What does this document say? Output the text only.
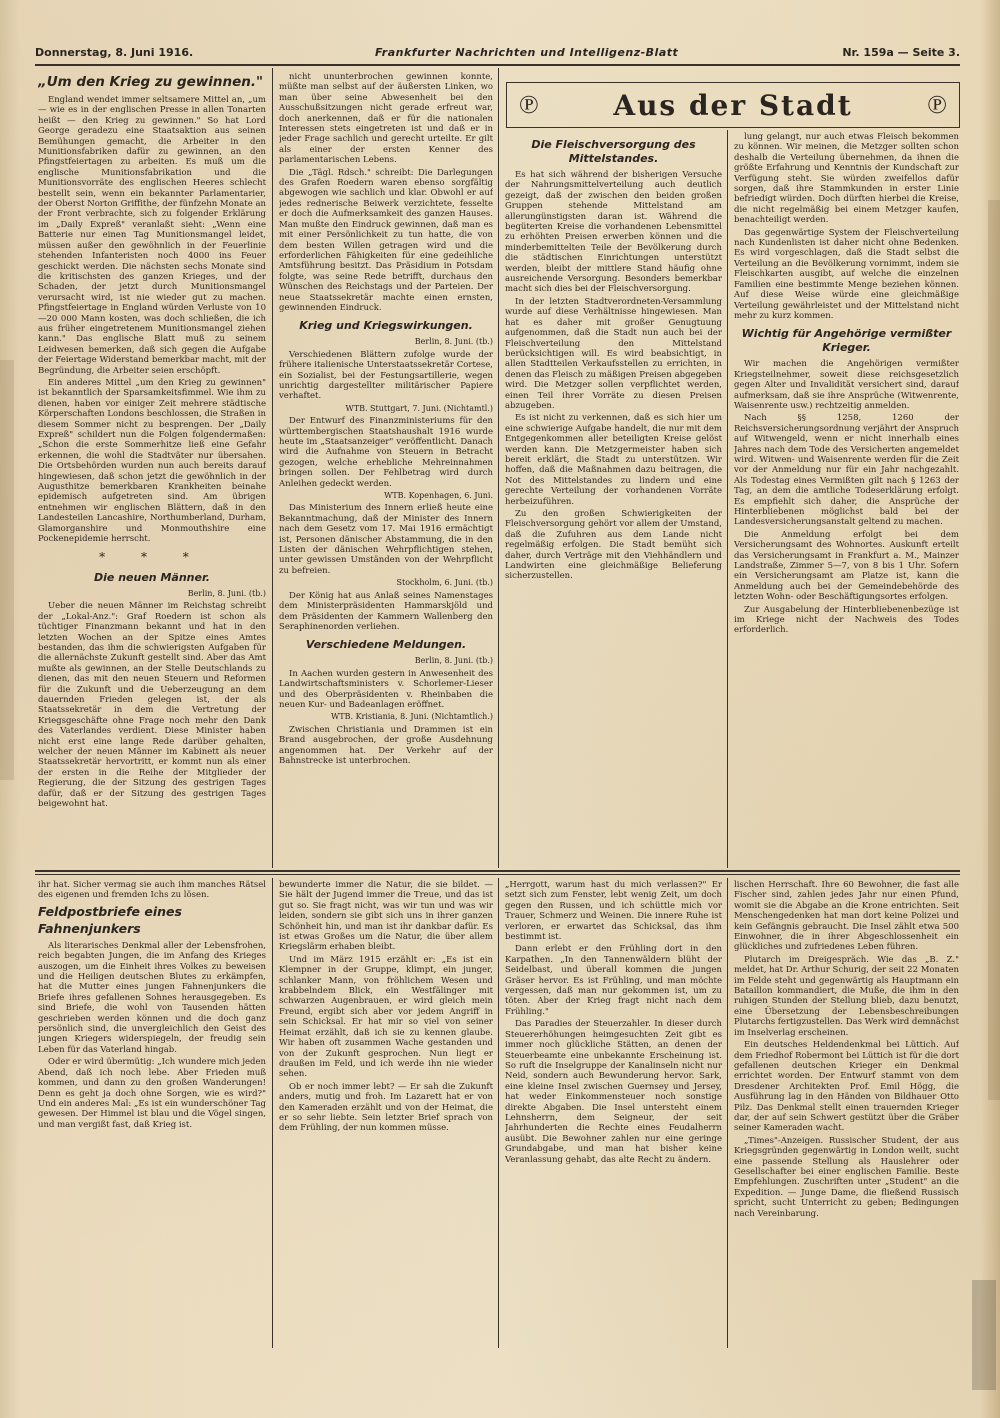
Donnerstag, 8. Juni 1916.	Frankfurter Nachrichten und Intelligenz-Blatt	Nr. 159a — Seite 3.
„Um den Krieg zu gewinnen."

England wendet immer seltsamere Mittel an, „um — wie es in der englischen Presse in allen Tonarten heißt — den Krieg zu gewinnen." So hat Lord George geradezu eine Staatsaktion aus seinen Bemühungen gemacht, die Arbeiter in den Munitionsfabriken dafür zu gewinnen, an den Pfingstfeiertagen zu arbeiten. Es muß um die englische Munitionsfabrikation und die Munitionsvorräte des englischen Heeres schlecht bestellt sein, wenn ein bekannter Parlamentarier, der Oberst Norton Griffithe, der fünfzehn Monate an der Front verbrachte, sich zu folgender Erklärung im „Daily Expreß" veranlaßt sieht: „Wenn eine Batterie nur einen Tag Munitionsmangel leidet, müssen außer den gewöhnlich in der Feuerlinie stehenden Infanteristen noch 4000 ins Feuer geschickt werden. Die nächsten sechs Monate sind die kritischsten des ganzen Krieges, und der Schaden, der jetzt durch Munitionsmangel verursacht wird, ist nie wieder gut zu machen. Pfingstfeiertage in England würden Verluste von 10—20 000 Mann kosten, was doch schließen, die ich aus früher eingetretenem Munitionsmangel ziehen kann." Das englische Blatt muß zu seinem Leidwesen bemerken, daß sich gegen die Aufgabe der Feiertage Widerstand bemerkbar macht, mit der Begründung, die Arbeiter seien erschöpft.

Ein anderes Mittel „um den Krieg zu gewinnen" ist bekanntlich der Sparsamkeitsfimmel. Wie ihm zu dienen, haben vor einiger Zeit mehrere städtische Körperschaften Londons beschlossen, die Straßen in diesem Sommer nicht zu besprengen. Der „Daily Expreß" schildert nun die Folgen folgendermaßen: „Schon die erste Sommerhitze ließ eine Gefahr erkennen, die wohl die Stadtväter nur übersahen. Die Ortsbehörden wurden nun auch bereits darauf hingewiesen, daß schon jetzt die gewöhnlich in der Augusthitze bemerkbaren Krankheiten beinahe epidemisch aufgetreten sind. Am übrigen entnehmen wir englischen Blättern, daß in den Landesteilen Lancashire, Northumberland, Durham, Glamorganshire und Monmouthshire eine Pockenepidemie herrscht.

* * *
Die neuen Männer.
Berlin, 8. Juni. (tb.)

Ueber die neuen Männer im Reichstag schreibt der „Lokal-Anz.": Graf Roedern ist schon als tüchtiger Finanzmann bekannt und hat in den letzten Wochen an der Spitze eines Amtes bestanden, das ihm die schwierigsten Aufgaben für die allernächste Zukunft gestellt sind. Aber das Amt mußte als gewinnen, an der Stelle Deutschlands zu dienen, das mit den neuen Steuern und Reformen für die Zukunft und die Ueberzeugung an dem dauernden Frieden gelegen ist, der als Staatssekretär in dem die Vertretung der Kriegsgeschäfte ohne Frage noch mehr den Dank des Vaterlandes verdient. Diese Minister haben nicht erst eine lange Rede darüber gehalten, welcher der neuen Männer im Kabinett als neuer Staatssekretär hervortritt, er kommt nun als einer der ersten in die Reihe der Mitglieder der Regierung, die der Sitzung des gestrigen Tages dafür, daß er der Sitzung des gestrigen Tages beigewohnt hat.

nicht ununterbrochen gewinnen konnte, müßte man selbst auf der äußersten Linken, wo man über seine Abwesenheit bei den Ausschußsitzungen nicht gerade erfreut war, doch anerkennen, daß er für die nationalen Interessen stets eingetreten ist und daß er in jeder Frage sachlich und gerecht urteilte. Er gilt als einer der ersten Kenner des parlamentarischen Lebens.

Die „Tägl. Rdsch." schreibt: Die Darlegungen des Grafen Roedern waren ebenso sorgfältig abgewogen wie sachlich und klar. Obwohl er auf jedes rednerische Beiwerk verzichtete, fesselte er doch die Aufmerksamkeit des ganzen Hauses. Man mußte den Eindruck gewinnen, daß man es mit einer Persönlichkeit zu tun hatte, die von dem besten Willen getragen wird und die erforderlichen Fähigkeiten für eine gedeihliche Amtsführung besitzt. Das Präsidium in Potsdam folgte, was seine Rede betrifft, durchaus den Wünschen des Reichstags und der Parteien. Der neue Staatssekretär machte einen ernsten, gewinnenden Eindruck.

Krieg und Kriegswirkungen.
Berlin, 8. Juni. (tb.)

Verschiedenen Blättern zufolge wurde der frühere italienische Unterstaatssekretär Cortese, ein Sozialist, bei der Festungsartillerie, wegen unrichtig dargestellter militärischer Papiere verhaftet.

WTB. Stuttgart, 7. Juni. (Nichtamtl.)

Der Entwurf des Finanzministeriums für den württembergischen Staatshaushalt 1916 wurde heute im „Staatsanzeiger" veröffentlicht. Danach wird die Aufnahme von Steuern in Betracht gezogen, welche erhebliche Mehreinnahmen bringen sollen. Der Fehlbetrag wird durch Anleihen gedeckt werden.

WTB. Kopenhagen, 6. Juni.

Das Ministerium des Innern erließ heute eine Bekanntmachung, daß der Minister des Innern nach dem Gesetz vom 17. Mai 1916 ermächtigt ist, Personen dänischer Abstammung, die in den Listen der dänischen Wehrpflichtigen stehen, unter gewissen Umständen von der Wehrpflicht zu befreien.

Stockholm, 6. Juni. (tb.)

Der König hat aus Anlaß seines Namenstages dem Ministerpräsidenten Hammarskjöld und dem Präsidenten der Kammern Wallenberg den Seraphinenorden verliehen.

Verschiedene Meldungen.
Berlin, 8. Juni. (tb.)

In Aachen wurden gestern in Anwesenheit des Landwirtschaftsministers v. Schorlemer-Lieser und des Oberpräsidenten v. Rheinbaben die neuen Kur- und Badeanlagen eröffnet.

WTB. Kristiania, 8. Juni. (Nichtamtlich.)

Zwischen Christiania und Drammen ist ein Brand ausgebrochen, der große Ausdehnung angenommen hat. Der Verkehr auf der Bahnstrecke ist unterbrochen.

℗	Aus der Stadt	℗
Die Fleischversorgung des Mittelstandes.

Es hat sich während der bisherigen Versuche der Nahrungsmittelverteilung auch deutlich gezeigt, daß der zwischen den beiden großen Gruppen stehende Mittelstand am allerungünstigsten daran ist. Während die begüterten Kreise die vorhandenen Lebensmittel zu erhöhten Preisen erwerben können und die minderbemittelten Teile der Bevölkerung durch die städtischen Einrichtungen unterstützt werden, bleibt der mittlere Stand häufig ohne ausreichende Versorgung. Besonders bemerkbar macht sich dies bei der Fleischversorgung.

In der letzten Stadtverordneten-Versammlung wurde auf diese Verhältnisse hingewiesen. Man hat es daher mit großer Genugtuung aufgenommen, daß die Stadt nun auch bei der Fleischverteilung den Mittelstand berücksichtigen will. Es wird beabsichtigt, in allen Stadtteilen Verkaufsstellen zu errichten, in denen das Fleisch zu mäßigen Preisen abgegeben wird. Die Metzger sollen verpflichtet werden, einen Teil ihrer Vorräte zu diesen Preisen abzugeben.

Es ist nicht zu verkennen, daß es sich hier um eine schwierige Aufgabe handelt, die nur mit dem Entgegenkommen aller beteiligten Kreise gelöst werden kann. Die Metzgermeister haben sich bereit erklärt, die Stadt zu unterstützen. Wir hoffen, daß die Maßnahmen dazu beitragen, die Not des Mittelstandes zu lindern und eine gerechte Verteilung der vorhandenen Vorräte herbeizuführen.

Zu den großen Schwierigkeiten der Fleischversorgung gehört vor allem der Umstand, daß die Zufuhren aus dem Lande nicht regelmäßig erfolgen. Die Stadt bemüht sich daher, durch Verträge mit den Viehhändlern und Landwirten eine gleichmäßige Belieferung sicherzustellen.

lung gelangt, nur auch etwas Fleisch bekommen zu können. Wir meinen, die Metzger sollten schon deshalb die Verteilung übernehmen, da ihnen die größte Erfahrung und Kenntnis der Kundschaft zur Verfügung steht. Sie würden zweifellos dafür sorgen, daß ihre Stammkunden in erster Linie befriedigt würden. Doch dürften hierbei die Kreise, die nicht regelmäßig bei einem Metzger kaufen, benachteiligt werden.

Das gegenwärtige System der Fleischverteilung nach Kundenlisten ist daher nicht ohne Bedenken. Es wird vorgeschlagen, daß die Stadt selbst die Verteilung an die Bevölkerung vornimmt, indem sie Fleischkarten ausgibt, auf welche die einzelnen Familien eine bestimmte Menge beziehen können. Auf diese Weise würde eine gleichmäßige Verteilung gewährleistet und der Mittelstand nicht mehr zu kurz kommen.

Wichtig für Angehörige vermißter Krieger.

Wir machen die Angehörigen vermißter Kriegsteilnehmer, soweit diese reichsgesetzlich gegen Alter und Invalidität versichert sind, darauf aufmerksam, daß sie ihre Ansprüche (Witwenrente, Waisenrente usw.) rechtzeitig anmelden.

Nach §§ 1258, 1260 der Reichsversicherungsordnung verjährt der Anspruch auf Witwengeld, wenn er nicht innerhalb eines Jahres nach dem Tode des Versicherten angemeldet wird. Witwen- und Waisenrente werden für die Zeit vor der Anmeldung nur für ein Jahr nachgezahlt. Als Todestag eines Vermißten gilt nach § 1263 der Tag, an dem die amtliche Todeserklärung erfolgt. Es empfiehlt sich daher, die Ansprüche der Hinterbliebenen möglichst bald bei der Landesversicherungsanstalt geltend zu machen.

Die Anmeldung erfolgt bei dem Versicherungsamt des Wohnortes. Auskunft erteilt das Versicherungsamt in Frankfurt a. M., Mainzer Landstraße, Zimmer 5—7, von 8 bis 1 Uhr. Sofern ein Versicherungsamt am Platze ist, kann die Anmeldung auch bei der Gemeindebehörde des letzten Wohn- oder Beschäftigungsortes erfolgen.

Zur Ausgabelung der Hinterbliebenenbezüge ist im Kriege nicht der Nachweis des Todes erforderlich.

ihr hat. Sicher vermag sie auch ihm manches Rätsel des eigenen und fremden Ichs zu lösen.

Feldpostbriefe eines Fahnenjunkers

Als literarisches Denkmal aller der Lebensfrohen, reich begabten Jungen, die im Anfang des Krieges auszogen, um die Einheit ihres Volkes zu beweisen und die Heiligen deutschen Blutes zu erkämpfen, hat die Mutter eines jungen Fahnenjunkers die Briefe ihres gefallenen Sohnes herausgegeben. Es sind Briefe, die wohl von Tausenden hätten geschrieben werden können und die doch ganz persönlich sind, die unvergleichlich den Geist des jungen Kriegers widerspiegeln, der freudig sein Leben für das Vaterland hingab.

Oder er wird übermütig: „Ich wundere mich jeden Abend, daß ich noch lebe. Aber Frieden muß kommen, und dann zu den großen Wanderungen! Denn es geht ja doch ohne Sorgen, wie es wird?" Und ein anderes Mal: „Es ist ein wunderschöner Tag gewesen. Der Himmel ist blau und die Vögel singen, und man vergißt fast, daß Krieg ist.

bewunderte immer die Natur, die sie bildet. — Sie hält der Jugend immer die Treue, und das ist gut so. Sie fragt nicht, was wir tun und was wir leiden, sondern sie gibt sich uns in ihrer ganzen Schönheit hin, und man ist ihr dankbar dafür. Es ist etwas Großes um die Natur, die über allem Kriegslärm erhaben bleibt.

Und im März 1915 erzählt er: „Es ist ein Klempner in der Gruppe, klimpt, ein junger, schlanker Mann, von fröhlichem Wesen und krabbelndem Blick, ein Westfälinger mit schwarzen Augenbrauen, er wird gleich mein Freund, ergibt sich aber vor jedem Angriff in sein Schicksal. Er hat mir so viel von seiner Heimat erzählt, daß ich sie zu kennen glaube. Wir haben oft zusammen Wache gestanden und von der Zukunft gesprochen. Nun liegt er draußen im Feld, und ich werde ihn nie wieder sehen.

Ob er noch immer lebt? — Er sah die Zukunft anders, mutig und froh. Im Lazarett hat er von den Kameraden erzählt und von der Heimat, die er so sehr liebte. Sein letzter Brief sprach von dem Frühling, der nun kommen müsse.

„Herrgott, warum hast du mich verlassen?" Er setzt sich zum Fenster, lebt wenig Zeit, um doch gegen den Russen, und ich schüttle mich vor Trauer, Schmerz und Weinen. Die innere Ruhe ist verloren, er erwartet das Schicksal, das ihm bestimmt ist.

Dann erlebt er den Frühling dort in den Karpathen. „In den Tannenwäldern blüht der Seidelbast, und überall kommen die jungen Gräser hervor. Es ist Frühling, und man möchte vergessen, daß man nur gekommen ist, um zu töten. Aber der Krieg fragt nicht nach dem Frühling."

Das Paradies der Steuerzahler. In dieser durch Steuererhöhungen heimgesuchten Zeit gibt es immer noch glückliche Stätten, an denen der Steuerbeamte eine unbekannte Erscheinung ist. So ruft die Inselgruppe der Kanalinseln nicht nur Neid, sondern auch Bewunderung hervor. Sark, eine kleine Insel zwischen Guernsey und Jersey, hat weder Einkommensteuer noch sonstige direkte Abgaben. Die Insel untersteht einem Lehnsherrn, dem Seigneur, der seit Jahrhunderten die Rechte eines Feudalherrn ausübt. Die Bewohner zahlen nur eine geringe Grundabgabe, und man hat bisher keine Veranlassung gehabt, das alte Recht zu ändern.

lischen Herrschaft. Ihre 60 Bewohner, die fast alle Fischer sind, zahlen jedes Jahr nur einen Pfund, womit sie die Abgabe an die Krone entrichten. Seit Menschengedenken hat man dort keine Polizei und kein Gefängnis gebraucht. Die Insel zählt etwa 500 Einwohner, die in ihrer Abgeschlossenheit ein glückliches und zufriedenes Leben führen.

Plutarch im Dreigespräch. Wie das „B. Z." meldet, hat Dr. Arthur Schurig, der seit 22 Monaten im Felde steht und gegenwärtig als Hauptmann ein Bataillon kommandiert, die Muße, die ihm in den ruhigen Stunden der Stellung blieb, dazu benutzt, eine Übersetzung der Lebensbeschreibungen Plutarchs fertigzustellen. Das Werk wird demnächst im Inselverlag erscheinen.

Ein deutsches Heldendenkmal bei Lüttich. Auf dem Friedhof Robermont bei Lüttich ist für die dort gefallenen deutschen Krieger ein Denkmal errichtet worden. Der Entwurf stammt von dem Dresdener Architekten Prof. Emil Högg, die Ausführung lag in den Händen von Bildhauer Otto Pilz. Das Denkmal stellt einen trauernden Krieger dar, der auf sein Schwert gestützt über die Gräber seiner Kameraden wacht.

„Times"-Anzeigen. Russischer Student, der aus Kriegsgründen gegenwärtig in London weilt, sucht eine passende Stellung als Hauslehrer oder Gesellschafter bei einer englischen Familie. Beste Empfehlungen. Zuschriften unter „Student" an die Expedition. — Junge Dame, die fließend Russisch spricht, sucht Unterricht zu geben; Bedingungen nach Vereinbarung.
